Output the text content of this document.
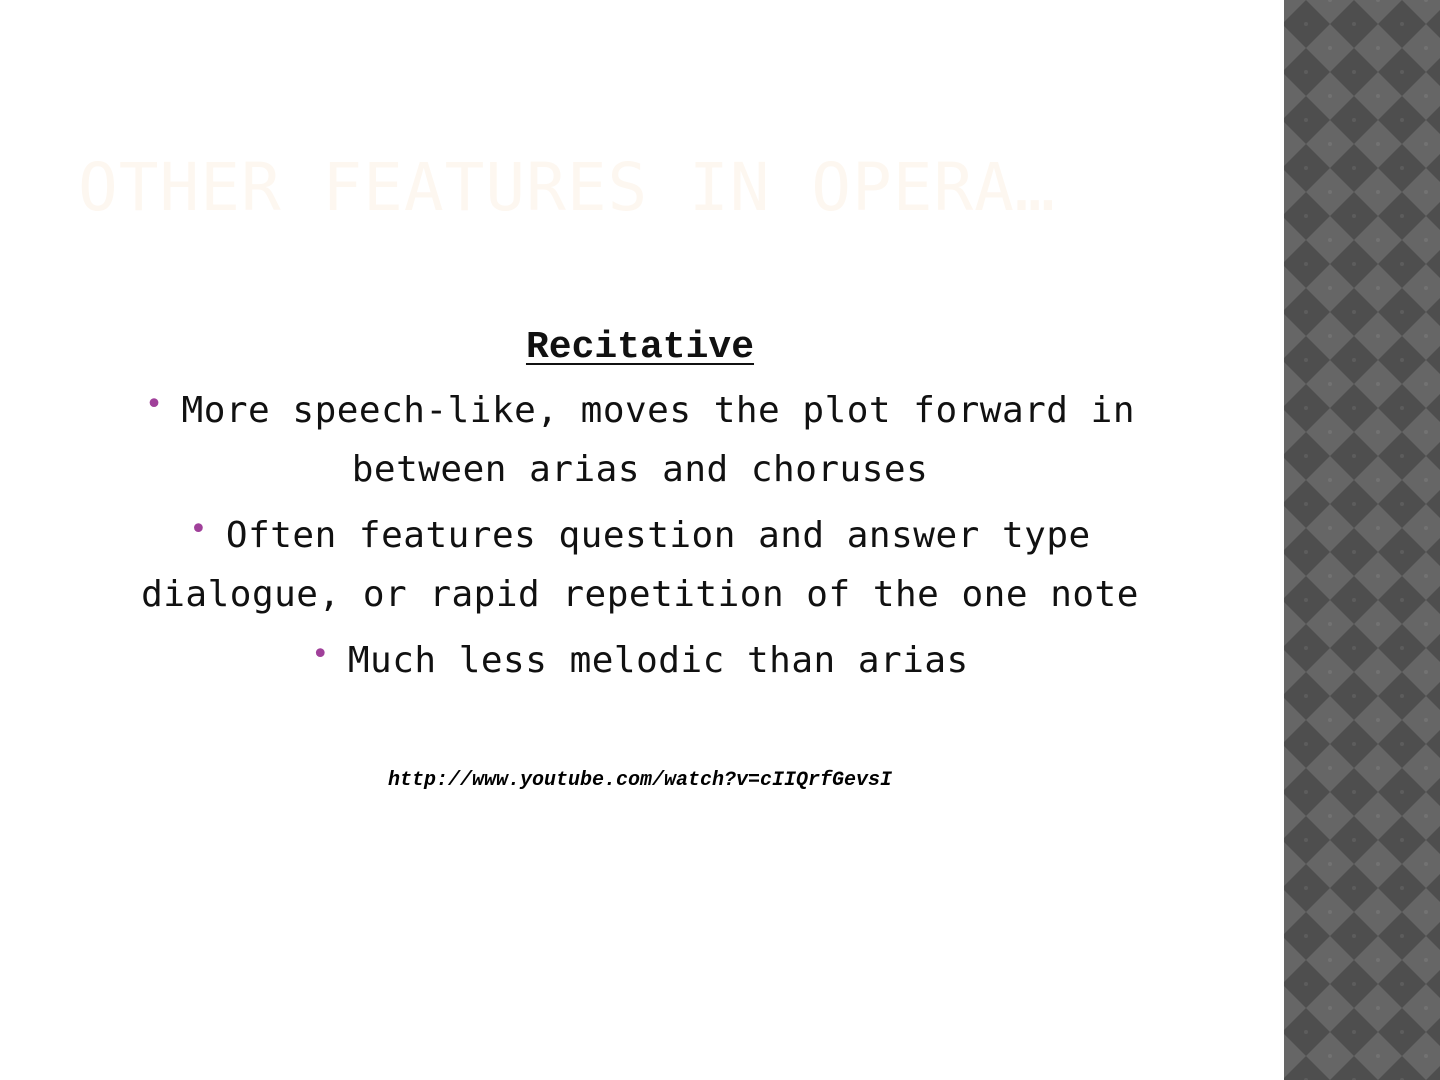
OTHER FEATURES IN OPERA…
Recitative
• More speech-like, moves the plot forward in
between arias and choruses
• Often features question and answer type
dialogue, or rapid repetition of the one note
• Much less melodic than arias
http://www.youtube.com/watch?v=cIIQrfGevsI
